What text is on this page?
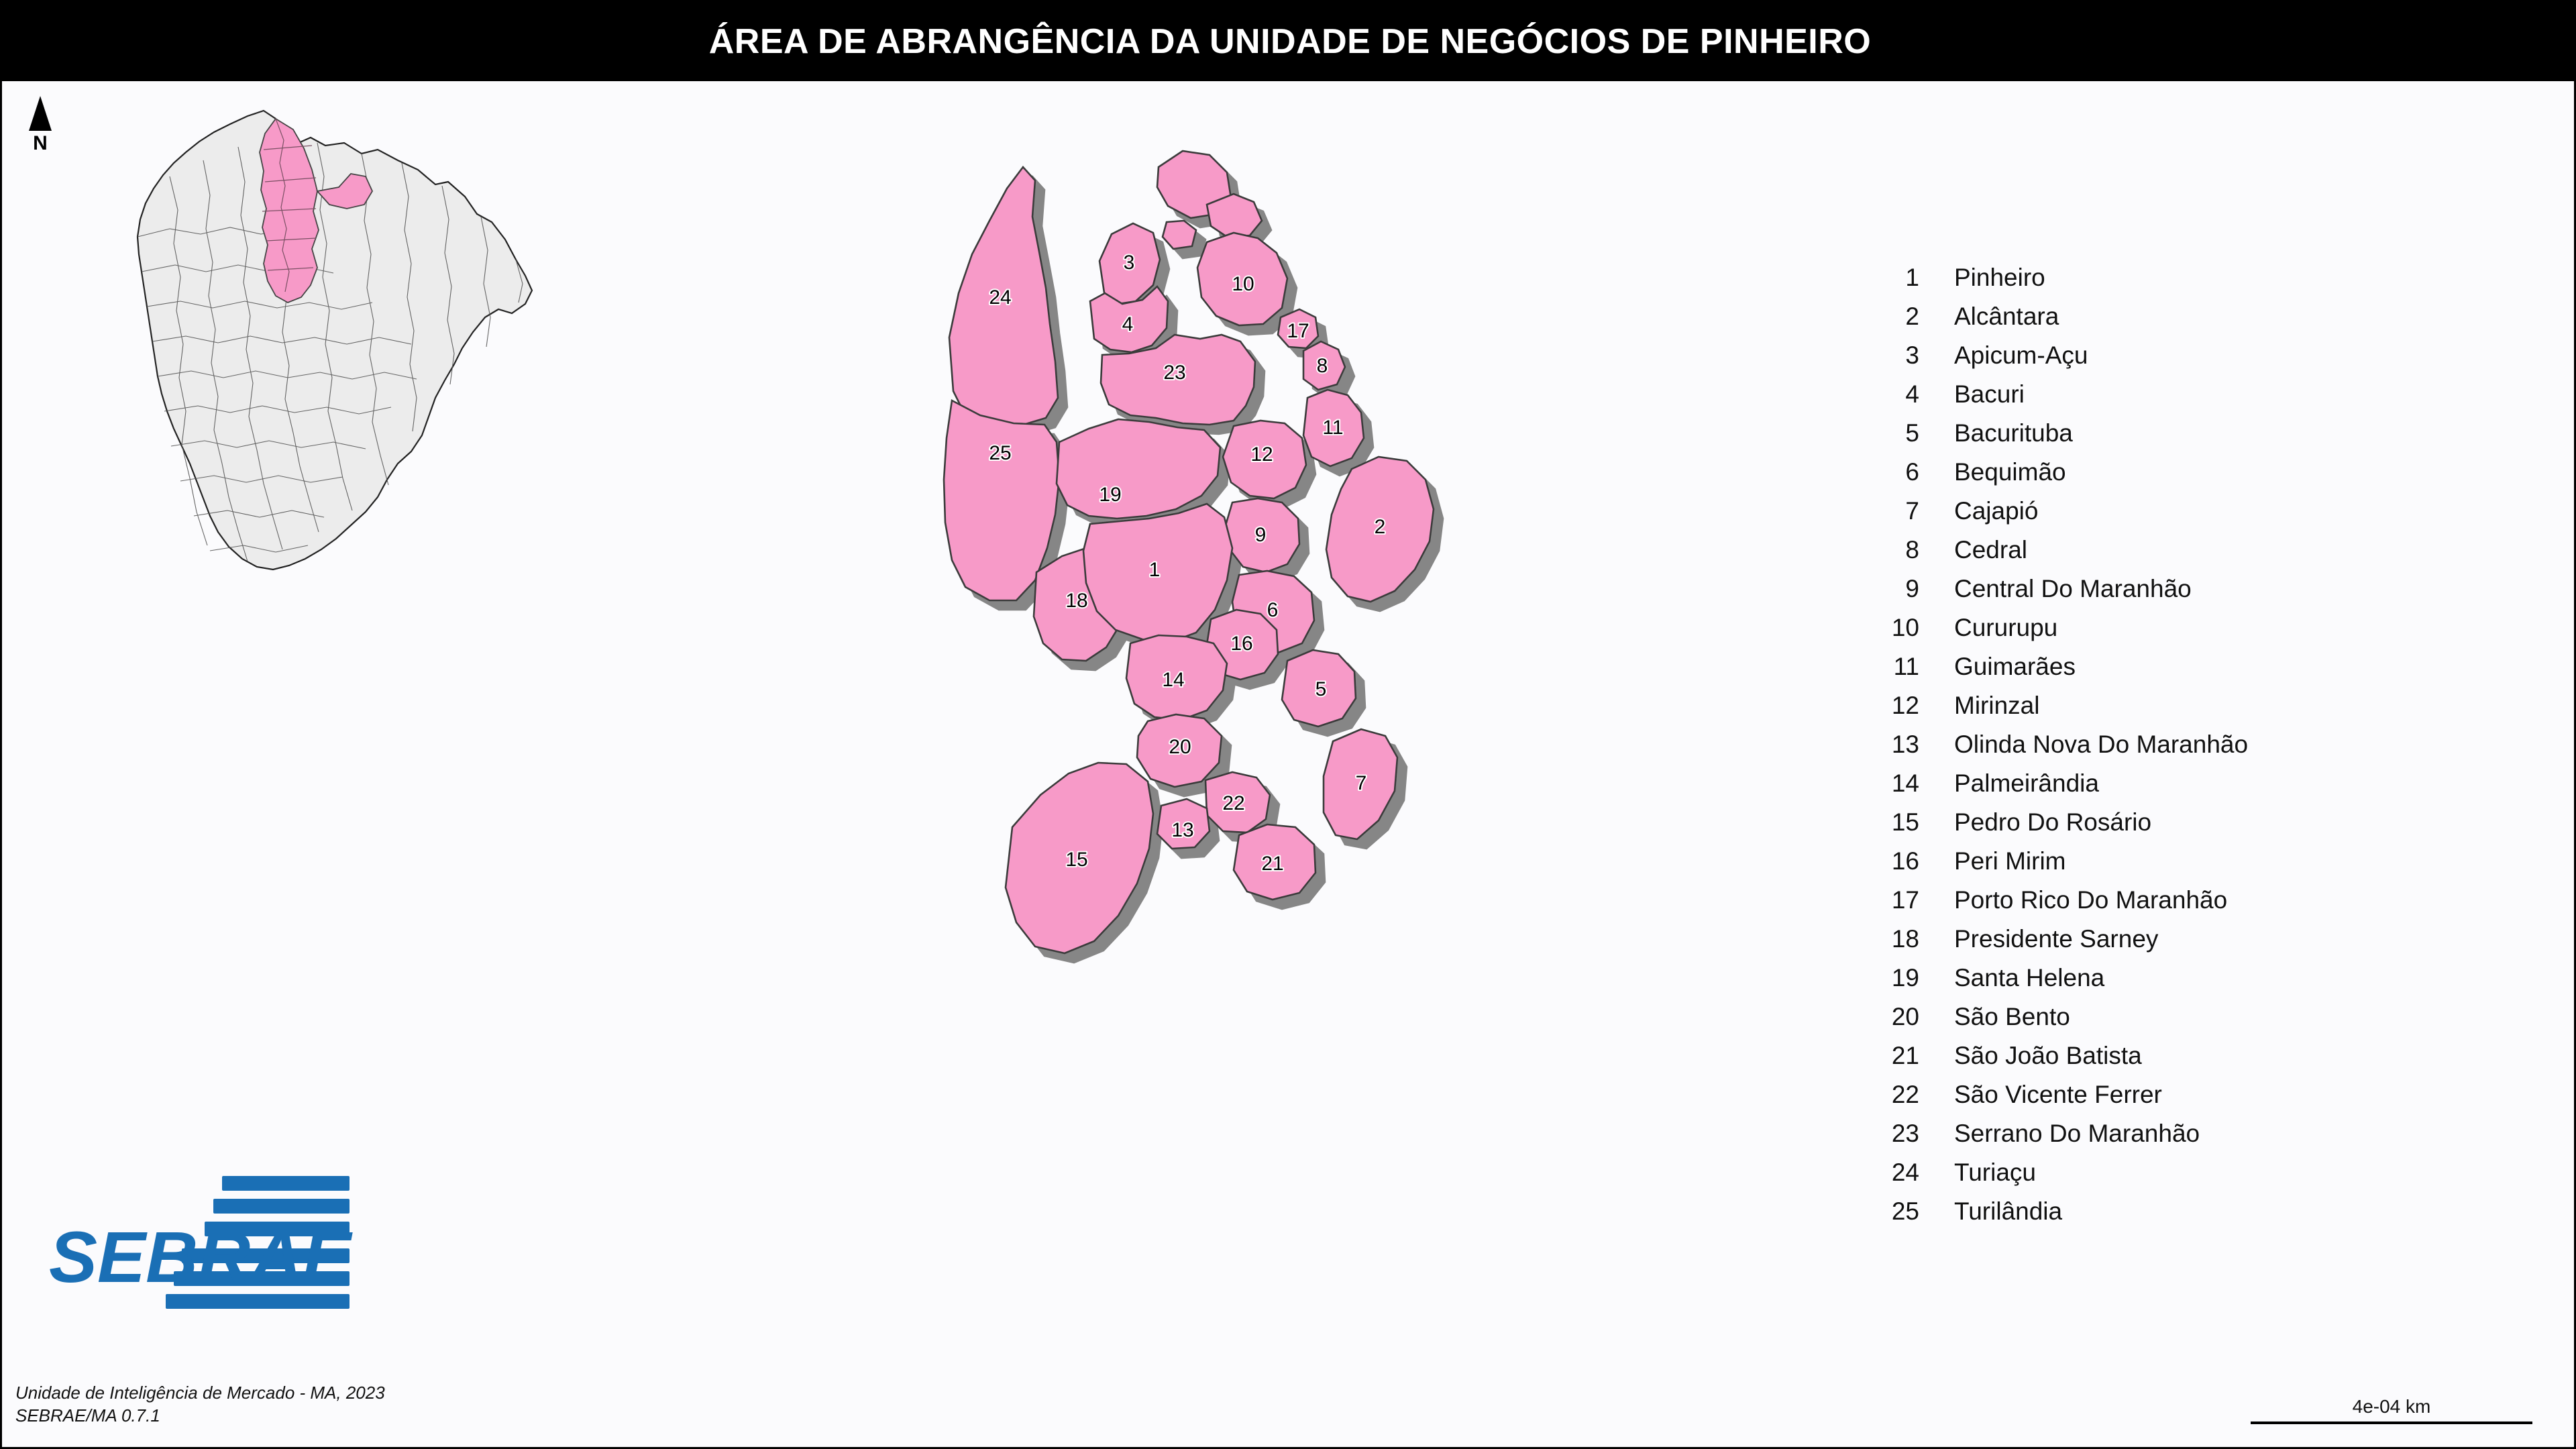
ÁREA DE ABRANGÊNCIA DA UNIDADE DE NEGÓCIOS DE PINHEIRO
N
24
3
4
10
17
8
23
12
11
9	2
25
19
6
1
18
16
5
14
20
22
13
21
7
15
1 Pinheiro
2 Alcântara
3 Apicum-Açu
4 Bacuri
5 Bacurituba
6 Bequimão
7 Cajapió
8 Cedral
9 Central Do Maranhão
10 Cururupu
11 Guimarães
12 Mirinzal
13 Olinda Nova Do Maranhão
14 Palmeirândia
15 Pedro Do Rosário
16 Peri Mirim
17 Porto Rico Do Maranhão
18 Presidente Sarney
19 Santa Helena
20 São Bento
21 São João Batista
22 São Vicente Ferrer
23 Serrano Do Maranhão
24 Turiaçu
25 Turilândia
SEBRAE
Unidade de Inteligência de Mercado - MA, 2023
SEBRAE/MA 0.7.1	4e-04 km
